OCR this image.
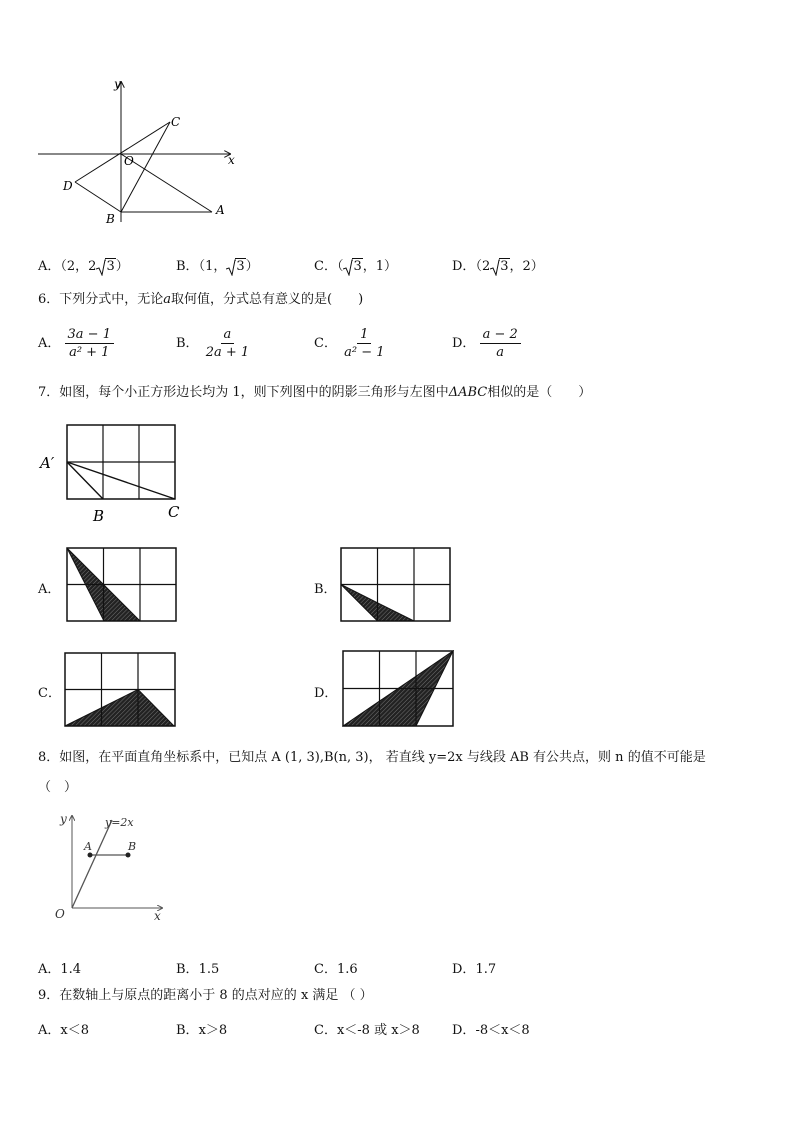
y
x
O
C
D
B
A
A．（2，2 3）	B．（1， 3）	C．（ 3，1）	D．（2 3，2）
6．下列分式中，无论a取何值，分式总有意义的是(　　)
A． $\frac{3a - 1}{\text{a² + 1}}$	B． $\frac{a}{2a + 1}$	C． $\frac{1}{\text{a² − 1}}$	D． $\frac{a - 2}{a}$
7．如图，每个小正方形边长均为 1，则下列图中的阴影三角形与左图中ΔABC相似的是（　　）
A′
B	C
A．	B．
C．	D．
8．如图，在平面直角坐标系中，已知点 A (1, 3),B(n, 3)， 若直线 y=2x 与线段 AB 有公共点，则 n 的值不可能是
（　）
y=2x
y
x
O
A	B
A．1.4	B．1.5	C．1.6	D．1.7
9．在数轴上与原点的距离小于 8 的点对应的 x 满足 （ ）
A．x＜8	B．x＞8	C．x＜-8 或 x＞8 D．-8＜x＜8
